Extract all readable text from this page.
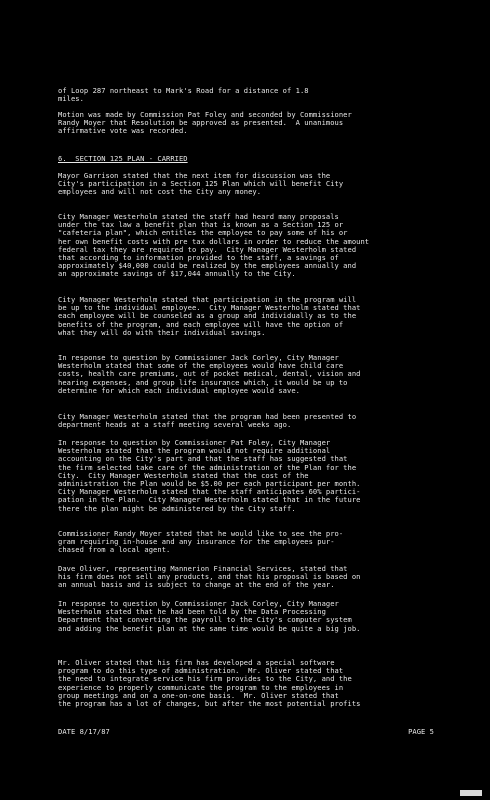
of Loop 287 northeast to Mark's Road for a distance of 1.8
miles.
Motion was made by Commission Pat Foley and seconded by Commissioner
Randy Moyer that Resolution be approved as presented.  A unanimous
affirmative vote was recorded.
6.  SECTION 125 PLAN - CARRIED
Mayor Garrison stated that the next item for discussion was the
City's participation in a Section 125 Plan which will benefit City
employees and will not cost the City any money.
City Manager Westerholm stated the staff had heard many proposals
under the tax law a benefit plan that is known as a Section 125 or
"cafeteria plan", which entitles the employee to pay some of his or
her own benefit costs with pre tax dollars in order to reduce the amount
federal tax they are required to pay.  City Manager Westerholm stated
that according to information provided to the staff, a savings of
approximately $40,000 could be realized by the employees annually and
an approximate savings of $17,044 annually to the City.
City Manager Westerholm stated that participation in the program will
be up to the individual employee.  City Manager Westerholm stated that
each employee will be counseled as a group and individually as to the
benefits of the program, and each employee will have the option of
what they will do with their individual savings.
In response to question by Commissioner Jack Corley, City Manager
Westerholm stated that some of the employees would have child care
costs, health care premiums, out of pocket medical, dental, vision and
hearing expenses, and group life insurance which, it would be up to
determine for which each individual employee would save.
City Manager Westerholm stated that the program had been presented to
department heads at a staff meeting several weeks ago.
In response to question by Commissioner Pat Foley, City Manager
Westerholm stated that the program would not require additional
accounting on the City's part and that the staff has suggested that
the firm selected take care of the administration of the Plan for the
City.  City Manager Westerholm stated that the cost of the
administration the Plan would be $5.00 per each participant per month.
City Manager Westerholm stated that the staff anticipates 60% partici-
pation in the Plan.  City Manager Westerholm stated that in the future
there the plan might be administered by the City staff.
Commissioner Randy Moyer stated that he would like to see the pro-
gram requiring in-house and any insurance for the employees pur-
chased from a local agent.
Dave Oliver, representing Mannerion Financial Services, stated that
his firm does not sell any products, and that his proposal is based on
an annual basis and is subject to change at the end of the year.
In response to question by Commissioner Jack Corley, City Manager
Westerholm stated that he had been told by the Data Processing
Department that converting the payroll to the City's computer system
and adding the benefit plan at the same time would be quite a big job.
Mr. Oliver stated that his firm has developed a special software
program to do this type of administration.  Mr. Oliver stated that
the need to integrate service his firm provides to the City, and the
experience to properly communicate the program to the employees in
group meetings and on a one-on-one basis.  Mr. Oliver stated that
the program has a lot of changes, but after the most potential profits
DATE 8/17/87	PAGE 5
